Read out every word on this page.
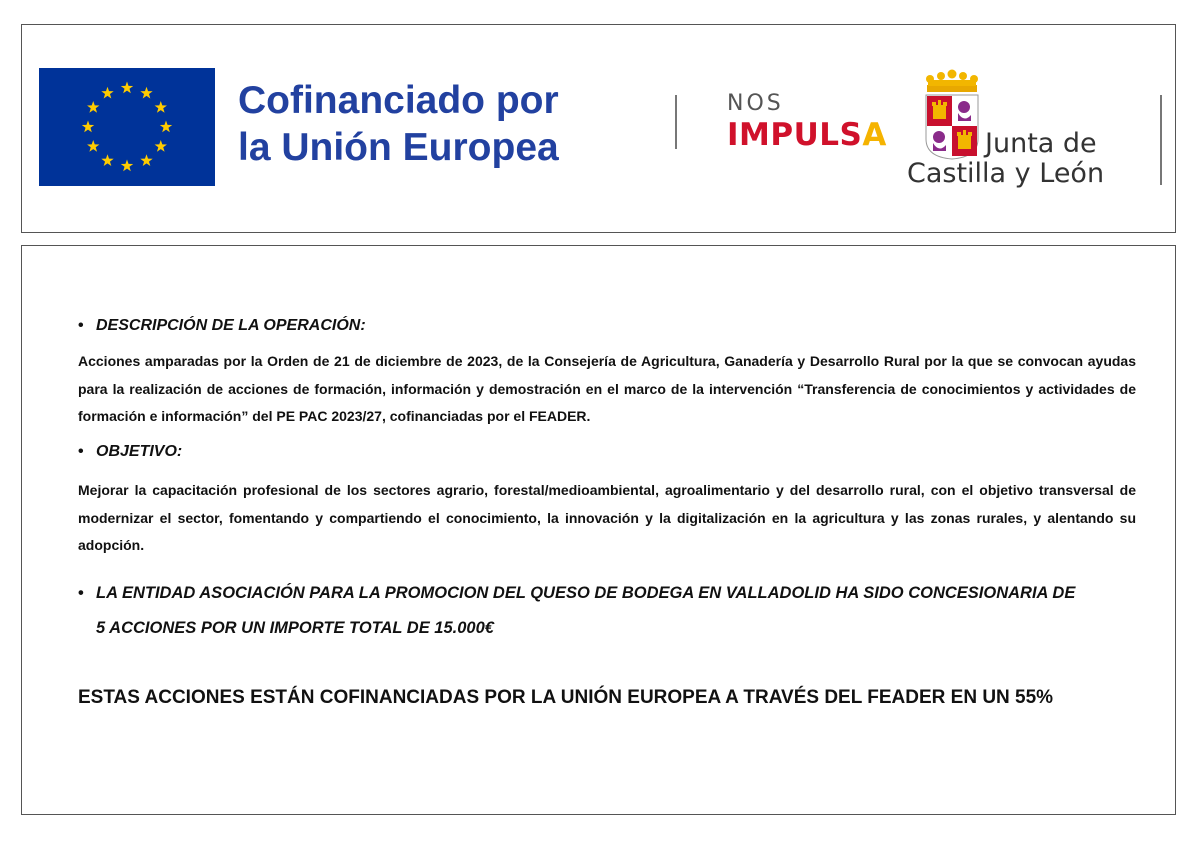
Cofinanciado por
la Unión Europea
NOS
IMPULSA	Junta de
Castilla y León
• DESCRIPCIÓN DE LA OPERACIÓN:

Acciones amparadas por la Orden de 21 de diciembre de 2023, de la Consejería de Agricultura, Ganadería y Desarrollo Rural por la que se convocan ayudas para la realización de acciones de formación, información y demostración en el marco de la intervención “Transferencia de conocimientos y actividades de formación e información” del PE PAC 2023/27, cofinanciadas por el FEADER.

• OBJETIVO:

Mejorar la capacitación profesional de los sectores agrario, forestal/medioambiental, agroalimentario y del desarrollo rural, con el objetivo transversal de modernizar el sector, fomentando y compartiendo el conocimiento, la innovación y la digitalización en la agricultura y las zonas rurales, y alentando su adopción.

• LA ENTIDAD ASOCIACIÓN PARA LA PROMOCION DEL QUESO DE BODEGA EN VALLADOLID HA SIDO CONCESIONARIA DE 5 ACCIONES POR UN IMPORTE TOTAL DE 15.000€

ESTAS ACCIONES ESTÁN COFINANCIADAS POR LA UNIÓN EUROPEA A TRAVÉS DEL FEADER EN UN 55%
